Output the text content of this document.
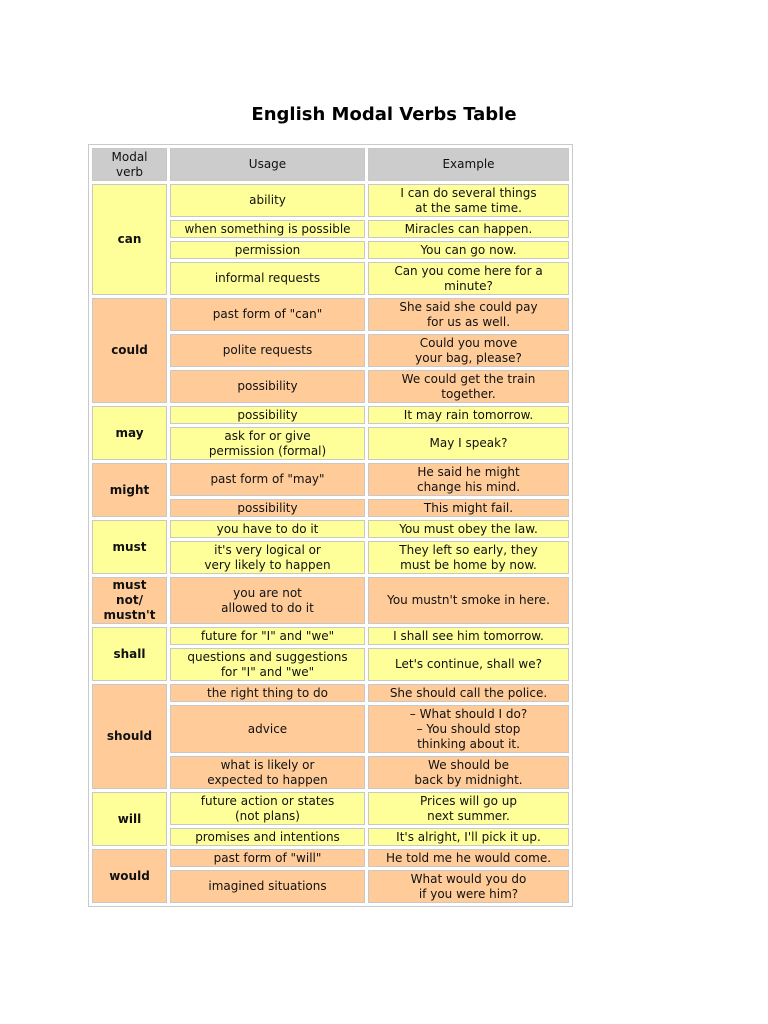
English Modal Verbs Table
Modal verb	Usage	Example

can	ability	I can do several things
at the same time.

	when something is possible	Miracles can happen.

	permission	You can go now.

	informal requests	Can you come here for a
minute?

could	past form of "can"	She said she could pay
for us as well.

	polite requests	Could you move
your bag, please?

	possibility	We could get the train
together.

may	possibility	It may rain tomorrow.

	ask for or give
permission (formal)	May I speak?

might	past form of "may"	He said he might
change his mind.

	possibility	This might fail.

must	you have to do it	You must obey the law.

	it's very logical or
very likely to happen	They left so early, they
must be home by now.

must
not/
mustn't	you are not
allowed to do it	You mustn't smoke in here.

shall	future for "I" and "we"	I shall see him tomorrow.

	questions and suggestions
for "I" and "we"	Let's continue, shall we?

should	the right thing to do	She should call the police.

	advice	– What should I do?
– You should stop
thinking about it.

	what is likely or
expected to happen	We should be
back by midnight.

will	future action or states
(not plans)	Prices will go up
next summer.

	promises and intentions	It's alright, I'll pick it up.

would	past form of "will"	He told me he would come.

	imagined situations	What would you do
if you were him?
